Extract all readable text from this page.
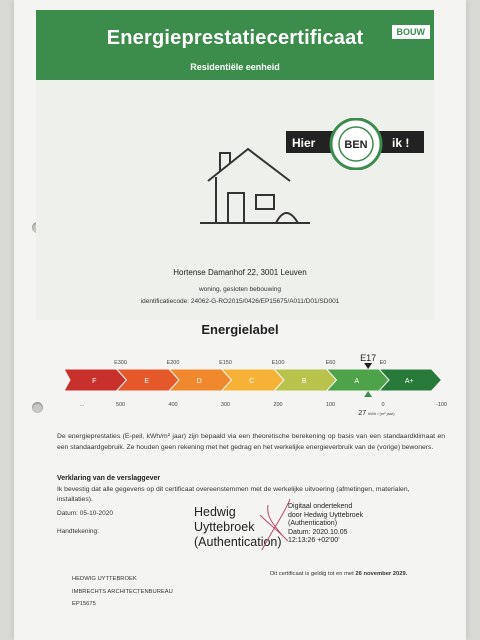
Energieprestatiecertificaat
Residentiële eenheid
BOUW
Hier	ik !
BEN
Hortense Damanhof 22, 3001 Leuven
woning, gesloten bebouwing
identificatiecode: 24062-G-RO2015/0426/EP15675/A011/D01/SD001
Energielabel
F	E	D	C	B	A	A+
E300	E200	E150	E100	E60	E0
...	500	400	300	200	100	0	-100
E17
27 kWh / (m² jaar)
De energieprestaties (E-peil, kWh/m² jaar) zijn bepaald via een theoretische berekening op basis van een standaardklimaat en een standaardgebruik. Ze houden geen rekening met het gedrag en het werkelijke energieverbruik van de (vorige) bewoners.
Verklaring van de verslaggever
Ik bevestig dat alle gegevens op dit certificaat overeenstemmen met de werkelijke uitvoering (afmetingen, materialen, installaties).
Datum: 05-10-2020
Handtekening:
Hedwig
Uyttebroek
(Authentication)
Digitaal ondertekend
door Hedwig Uyttebroek
(Authentication)
Datum: 2020.10.05
12:13:26 +02'00'
Dit certificaat is geldig tot en met 26 november 2029.
HEDWIG UYTTEBROEK
IMBRECHTS ARCHITECTENBUREAU
EP15675
